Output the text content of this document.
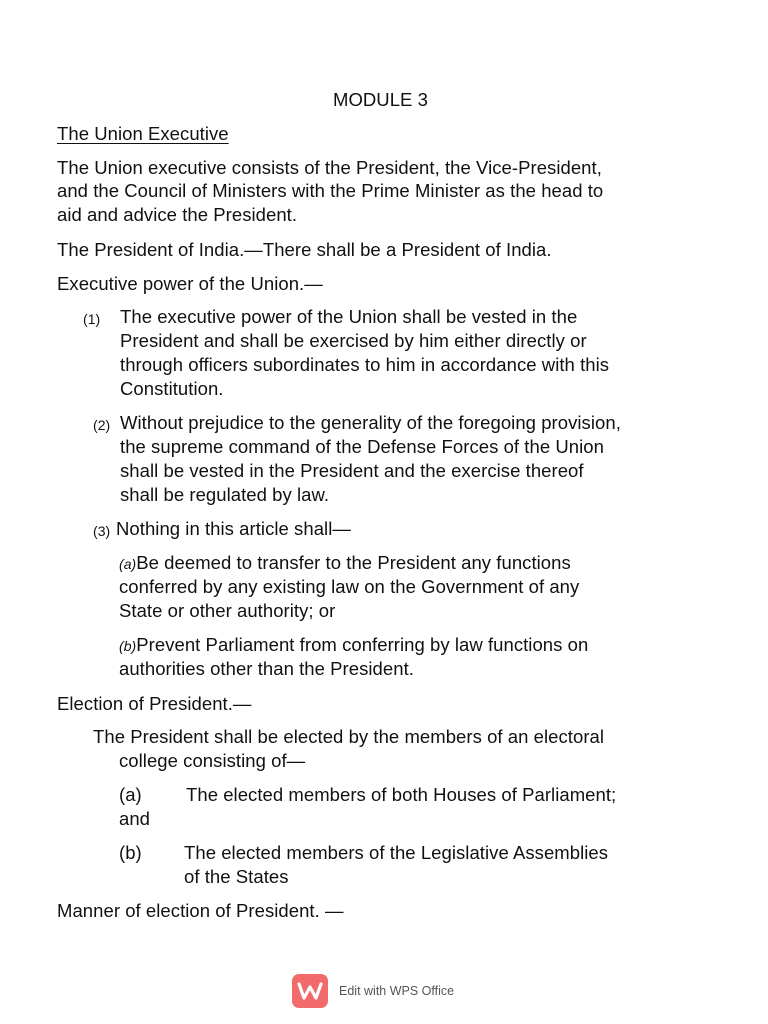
MODULE 3
The Union Executive
The Union executive consists of the President, the Vice-President,
and the Council of Ministers with the Prime Minister as the head to
aid and advice the President.
The President of India.—There shall be a President of India.
Executive power of the Union.—
(1) The executive power of the Union shall be vested in the
President and shall be exercised by him either directly or
through officers subordinates to him in accordance with this
Constitution.
(2) Without prejudice to the generality of the foregoing provision,
the supreme command of the Defense Forces of the Union
shall be vested in the President and the exercise thereof
shall be regulated by law.
(3) Nothing in this article shall—
(a)Be deemed to transfer to the President any functions
conferred by any existing law on the Government of any
State or other authority; or
(b)Prevent Parliament from conferring by law functions on
authorities other than the President.
Election of President.—
The President shall be elected by the members of an electoral
college consisting of—
(a) The elected members of both Houses of Parliament;
and
(b) The elected members of the Legislative Assemblies
of the States
Manner of election of President. —
Edit with WPS Office
